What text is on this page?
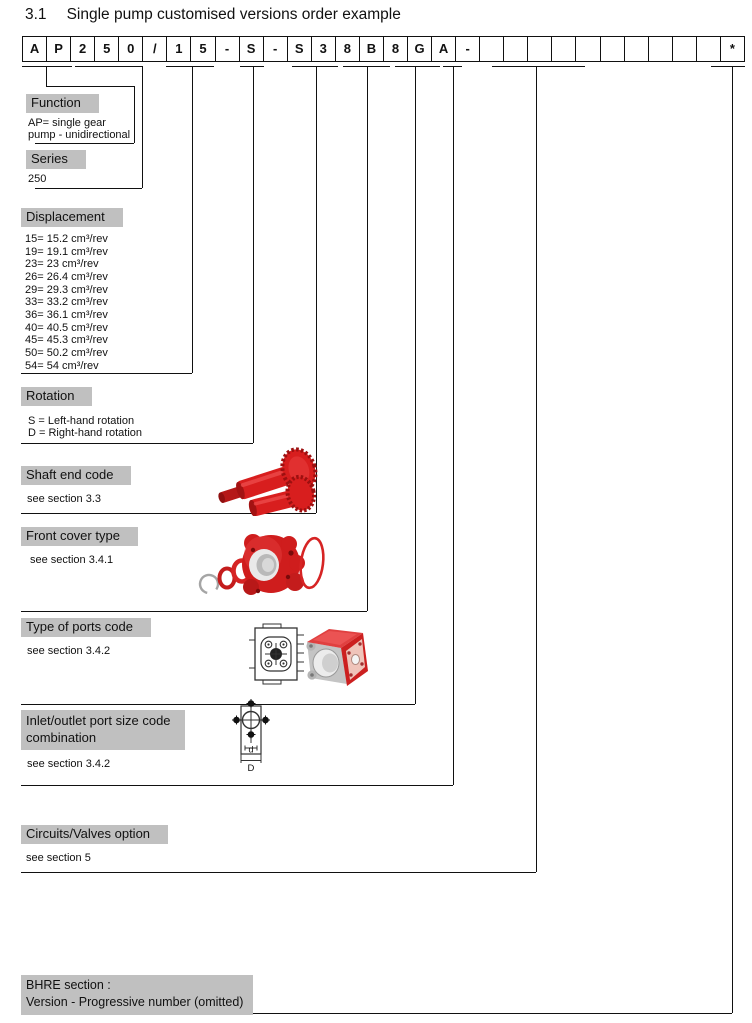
3.1 Single pump customised versions order example
A	P	2	5	0	/	1	5	-	S	-	S	3	8	B	8	G	A	-	*
Function
AP= single gear
pump - unidirectional
Series
250
Displacement
15= 15.2 cm³/rev
19= 19.1 cm³/rev
23= 23 cm³/rev
26= 26.4 cm³/rev
29= 29.3 cm³/rev
33= 33.2 cm³/rev
36= 36.1 cm³/rev
40= 40.5 cm³/rev
45= 45.3 cm³/rev
50= 50.2 cm³/rev
54= 54 cm³/rev
Rotation
S = Left-hand rotation
D = Right-hand rotation
Shaft end code
see section 3.3
Front cover type
see section 3.4.1
Type of ports code
see section 3.4.2
Inlet/outlet port size code
combination
see section 3.4.2
Circuits/Valves option
see section 5
BHRE section :
Version - Progressive number (omitted)
d
D
